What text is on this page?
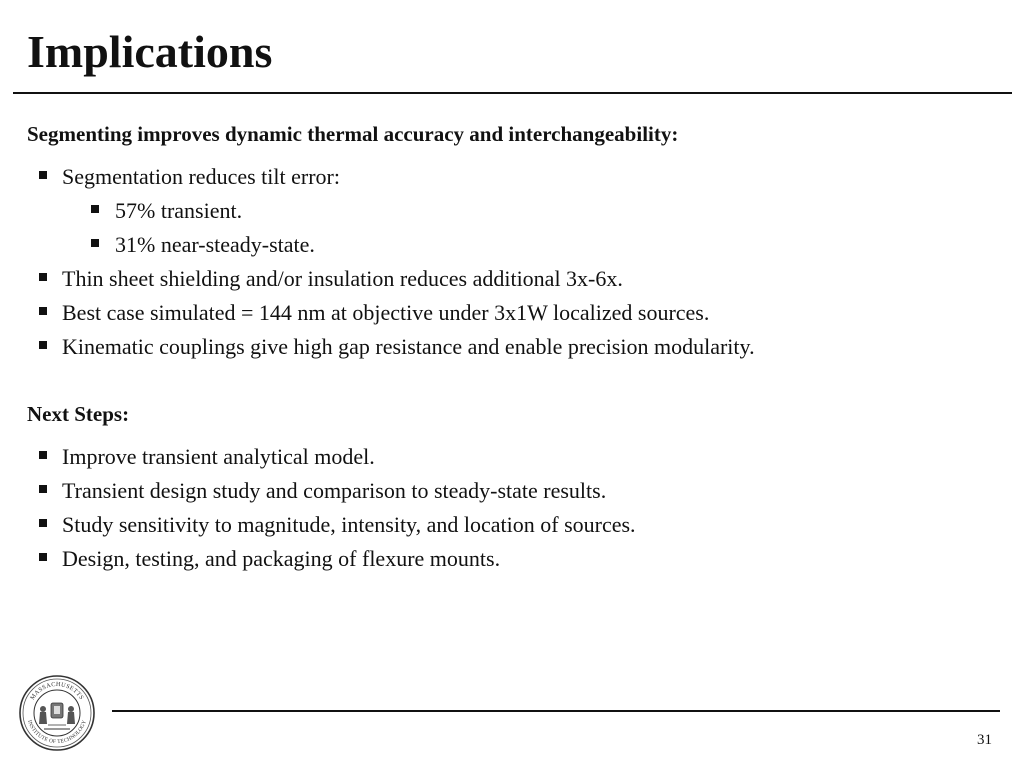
Implications
Segmenting improves dynamic thermal accuracy and interchangeability:
Segmentation reduces tilt error:
57% transient.
31% near-steady-state.
Thin sheet shielding and/or insulation reduces additional 3x-6x.
Best case simulated = 144 nm at objective under 3x1W localized sources.
Kinematic couplings give high gap resistance and enable precision modularity.
Next Steps:
Improve transient analytical model.
Transient design study and comparison to steady-state results.
Study sensitivity to magnitude, intensity, and location of sources.
Design, testing, and packaging of flexure mounts.
MASSACHUSETTS
INSTITUTE OF TECHNOLOGY
31
